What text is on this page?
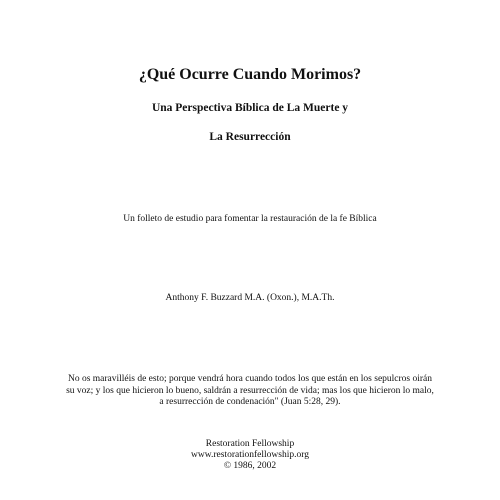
¿Qué Ocurre Cuando Morimos?
Una Perspectiva Bíblica de La Muerte y
La Resurrección
Un folleto de estudio para fomentar la restauración de la fe Bíblica
Anthony F. Buzzard M.A. (Oxon.), M.A.Th.
No os maravilléis de esto; porque vendrá hora cuando todos los que están en los sepulcros oirán
su voz; y los que hicieron lo bueno, saldrán a resurrección de vida; mas los que hicieron lo malo,
a resurrección de condenación" (Juan 5:28, 29).
Restoration Fellowship
www.restorationfellowship.org
© 1986, 2002
